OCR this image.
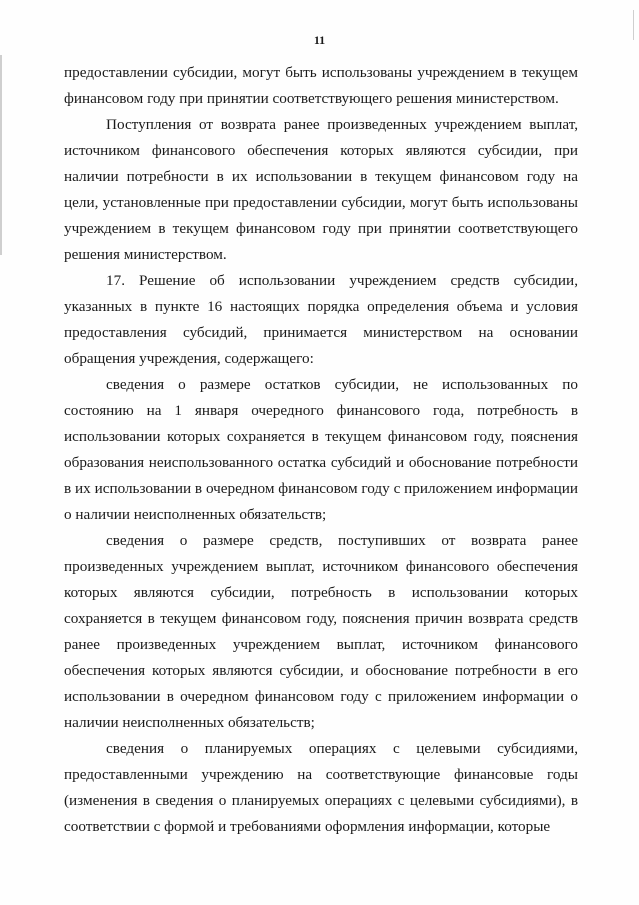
11

предоставлении субсидии, могут быть использованы учреждением в текущем финансовом году при принятии соответствующего решения министерством.

Поступления от возврата ранее произведенных учреждением выплат, источником финансового обеспечения которых являются субсидии, при наличии потребности в их использовании в текущем финансовом году на цели, установленные при предоставлении субсидии, могут быть использованы учреждением в текущем финансовом году при принятии соответствующего решения министерством.

17. Решение об использовании учреждением средств субсидии, указанных в пункте 16 настоящих порядка определения объема и условия предоставления субсидий, принимается министерством на основании обращения учреждения, содержащего:

сведения о размере остатков субсидии, не использованных по состоянию на 1 января очередного финансового года, потребность в использовании которых сохраняется в текущем финансовом году, пояснения образования неиспользованного остатка субсидий и обоснование потребности в их использовании в очередном финансовом году с приложением информации о наличии неисполненных обязательств;

сведения о размере средств, поступивших от возврата ранее произведенных учреждением выплат, источником финансового обеспечения которых являются субсидии, потребность в использовании которых сохраняется в текущем финансовом году, пояснения причин возврата средств ранее произведенных учреждением выплат, источником финансового обеспечения которых являются субсидии, и обоснование потребности в его использовании в очередном финансовом году с приложением информации о наличии неисполненных обязательств;

сведения о планируемых операциях с целевыми субсидиями, предоставленными учреждению на соответствующие финансовые годы (изменения в сведения о планируемых операциях с целевыми субсидиями), в соответствии с формой и требованиями оформления информации, которые
